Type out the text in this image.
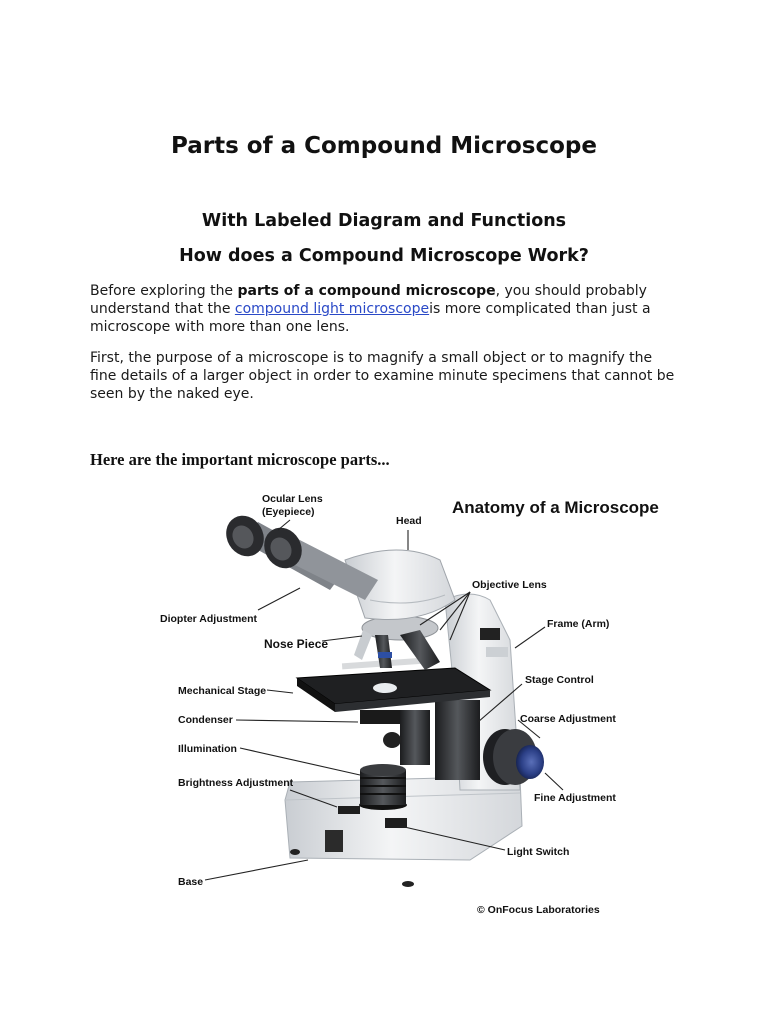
Parts of a Compound Microscope
With Labeled Diagram and Functions
How does a Compound Microscope Work?

Before exploring the parts of a compound microscope, you should probably understand that the compound light microscopeis more complicated than just a microscope with more than one lens.

First, the purpose of a microscope is to magnify a small object or to magnify the fine details of a larger object in order to examine minute specimens that cannot be seen by the naked eye.

Here are the important microscope parts...
Anatomy of a Microscope
Ocular Lens
(Eyepiece)
Head
Objective Lens
Frame (Arm)
Diopter Adjustment
Nose Piece
Stage Control
Mechanical Stage
Coarse Adjustment
Condenser
Illumination
Brightness Adjustment
Fine Adjustment
Light Switch
Base
© OnFocus Laboratories
